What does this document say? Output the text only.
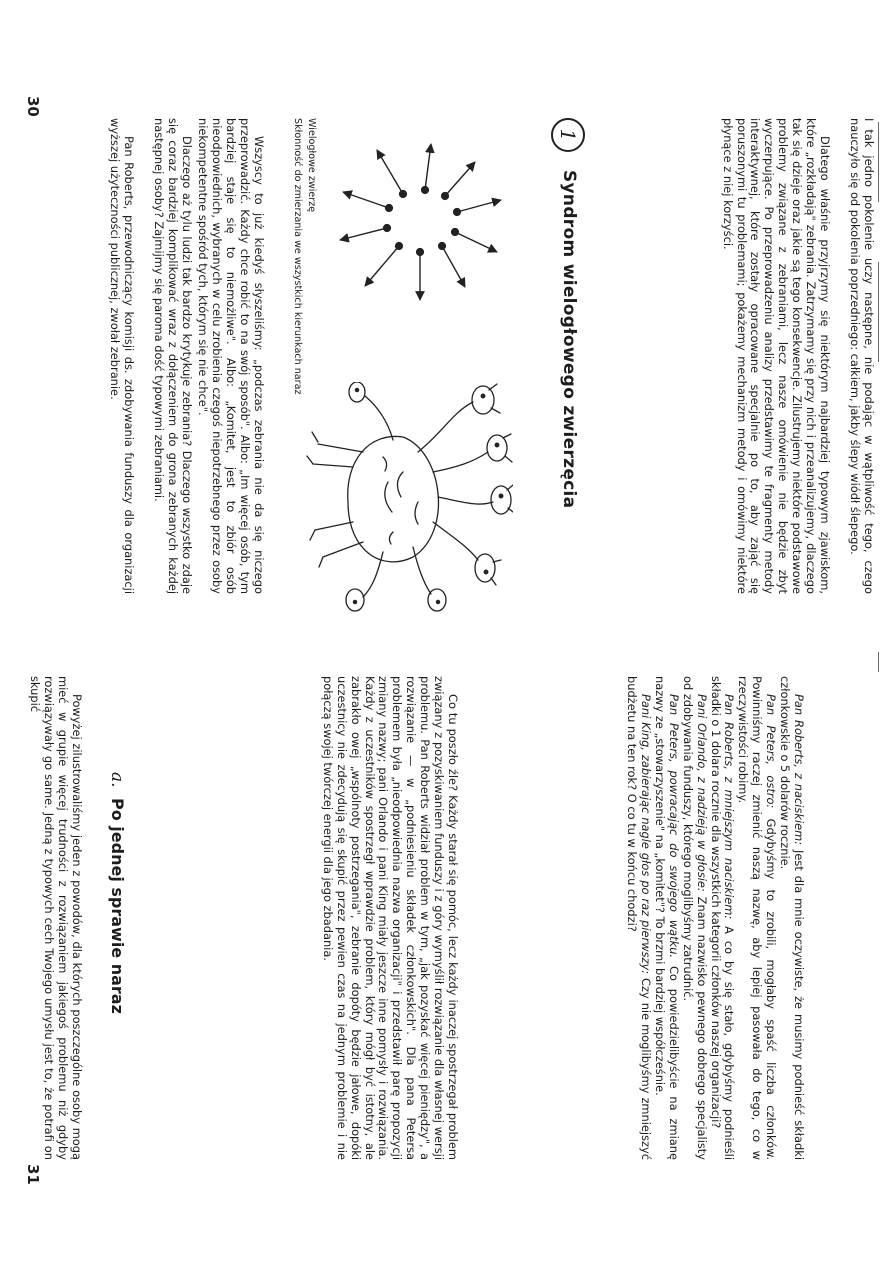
I tak jedno pokolenie uczy następne, nie podając w wątpliwość tego, czego nauczyło się od pokolenia poprzedniego: całkiem, jakby ślepy wiódł ślepego.

Dlatego właśnie przyjrzymy się niektórym najbardziej typowym zjawiskom, które „rozkładają" zebrania. Zatrzymamy się przy nich i przeanalizujemy, dlaczego tak się dzieje oraz jakie są tego konsekwencje. Zilustrujemy niektóre podstawowe problemy związane z zebraniami, lecz nasze omówienie nie będzie zbyt wyczerpujące. Po przeprowadzeniu analizy przedstawimy te fragmenty metody interaktywnej, które zostały opracowane specjalnie po to, aby zająć się poruszonymi tu problemami; pokażemy mechanizm metody i omówimy niektóre płynące z niej korzyści.

1
Syndrom wielogłowego zwierzęcia
Wielogłowe zwierzę
Skłonność do zmierzania we wszystkich kierunkach naraz

Wszyscy to już kiedyś słyszeliśmy: „podczas zebrania nie da się niczego przeprowadzić. Każdy chce robić to na swój sposób". Albo: „Im więcej osób, tym bardziej staje się to niemożliwe". Albo: „Komitet, jest to zbiór osób nieodpowiednich, wybranych w celu zrobienia czegoś niepotrzebnego przez osoby niekompetentne spośród tych, którym się nie chce".

Dlaczego aż tylu ludzi tak bardzo krytykuje zebrania? Dlaczego wszystko zdaje się coraz bardziej komplikować wraz z dołączeniem do grona zebranych każdej następnej osoby? Zajmijmy się paroma dość typowymi zebraniami.

Pan Roberts, przewodniczący komisji ds. zdobywania funduszy dla organizacji wyższej użyteczności publicznej, zwołał zebranie.

30

Pan Roberts, z naciskiem: Jest dla mnie oczywiste, że musimy podnieść składki członkowskie o 5 dolarów rocznie.

Pan Peters, ostro: Gdybyśmy to zrobili, mogłaby spaść liczba członków. Powinniśmy raczej zmienić naszą nazwę, aby lepiej pasowała do tego, co w rzeczywistości robimy.

Pan Roberts, z mniejszym naciskiem: A co by się stało, gdybyśmy podnieśli składki o 1 dolara rocznie dla wszystkich kategorii członków naszej organizacji?

Pani Orlando, z nadzieją w głosie: Znam nazwisko pewnego dobrego specjalisty od zdobywania funduszy, którego moglibyśmy zatrudnić.

Pan Peters, powracając do swojego wątku. Co powiedzielibyście na zmianę nazwy ze „stowarzyszenie" na „komitet"? To brzmi bardziej współcześnie.

Pani King, zabierając nagle głos po raz pierwszy: Czy nie moglibyśmy zmniejszyć budżetu na ten rok? O co tu w końcu chodzi?

Co tu poszło źle? Każdy starał się pomóc, lecz każdy inaczej spostrzegał problem związany z pozyskiwaniem funduszy i z góry wymyślił rozwiązanie dla własnej wersji problemu. Pan Roberts widział problem w tym, „jak pozyskać więcej pieniędzy", a rozwiązanie — w „podniesieniu składek członkowskich". Dla pana Petersa problemem była „nieodpowiednia nazwa organizacji" i przedstawił parę propozycji zmiany nazwy; pani Orlando i pani King miały jeszcze inne pomysły i rozwiązania. Każdy z uczestników spostrzegł wprawdzie problem, który mógł być istotny, ale zabrakło owej „wspólnoty postrzegania", zebranie dopóty będzie jałowe, dopóki uczestnicy nie zdecydują się skupić przez pewien czas na jednym problemie i nie połączą swojej twórczej energii dla jego zbadania.

a.
Po jednej sprawie naraz

Powyżej zilustrowaliśmy jeden z powodów, dla których poszczególne osoby mogą mieć w grupie więcej trudności z rozwiązaniem jakiegoś problemu niż gdyby rozwiązywały go same. Jedną z typowych cech Twojego umysłu jest to, że potrafi on skupić

31
